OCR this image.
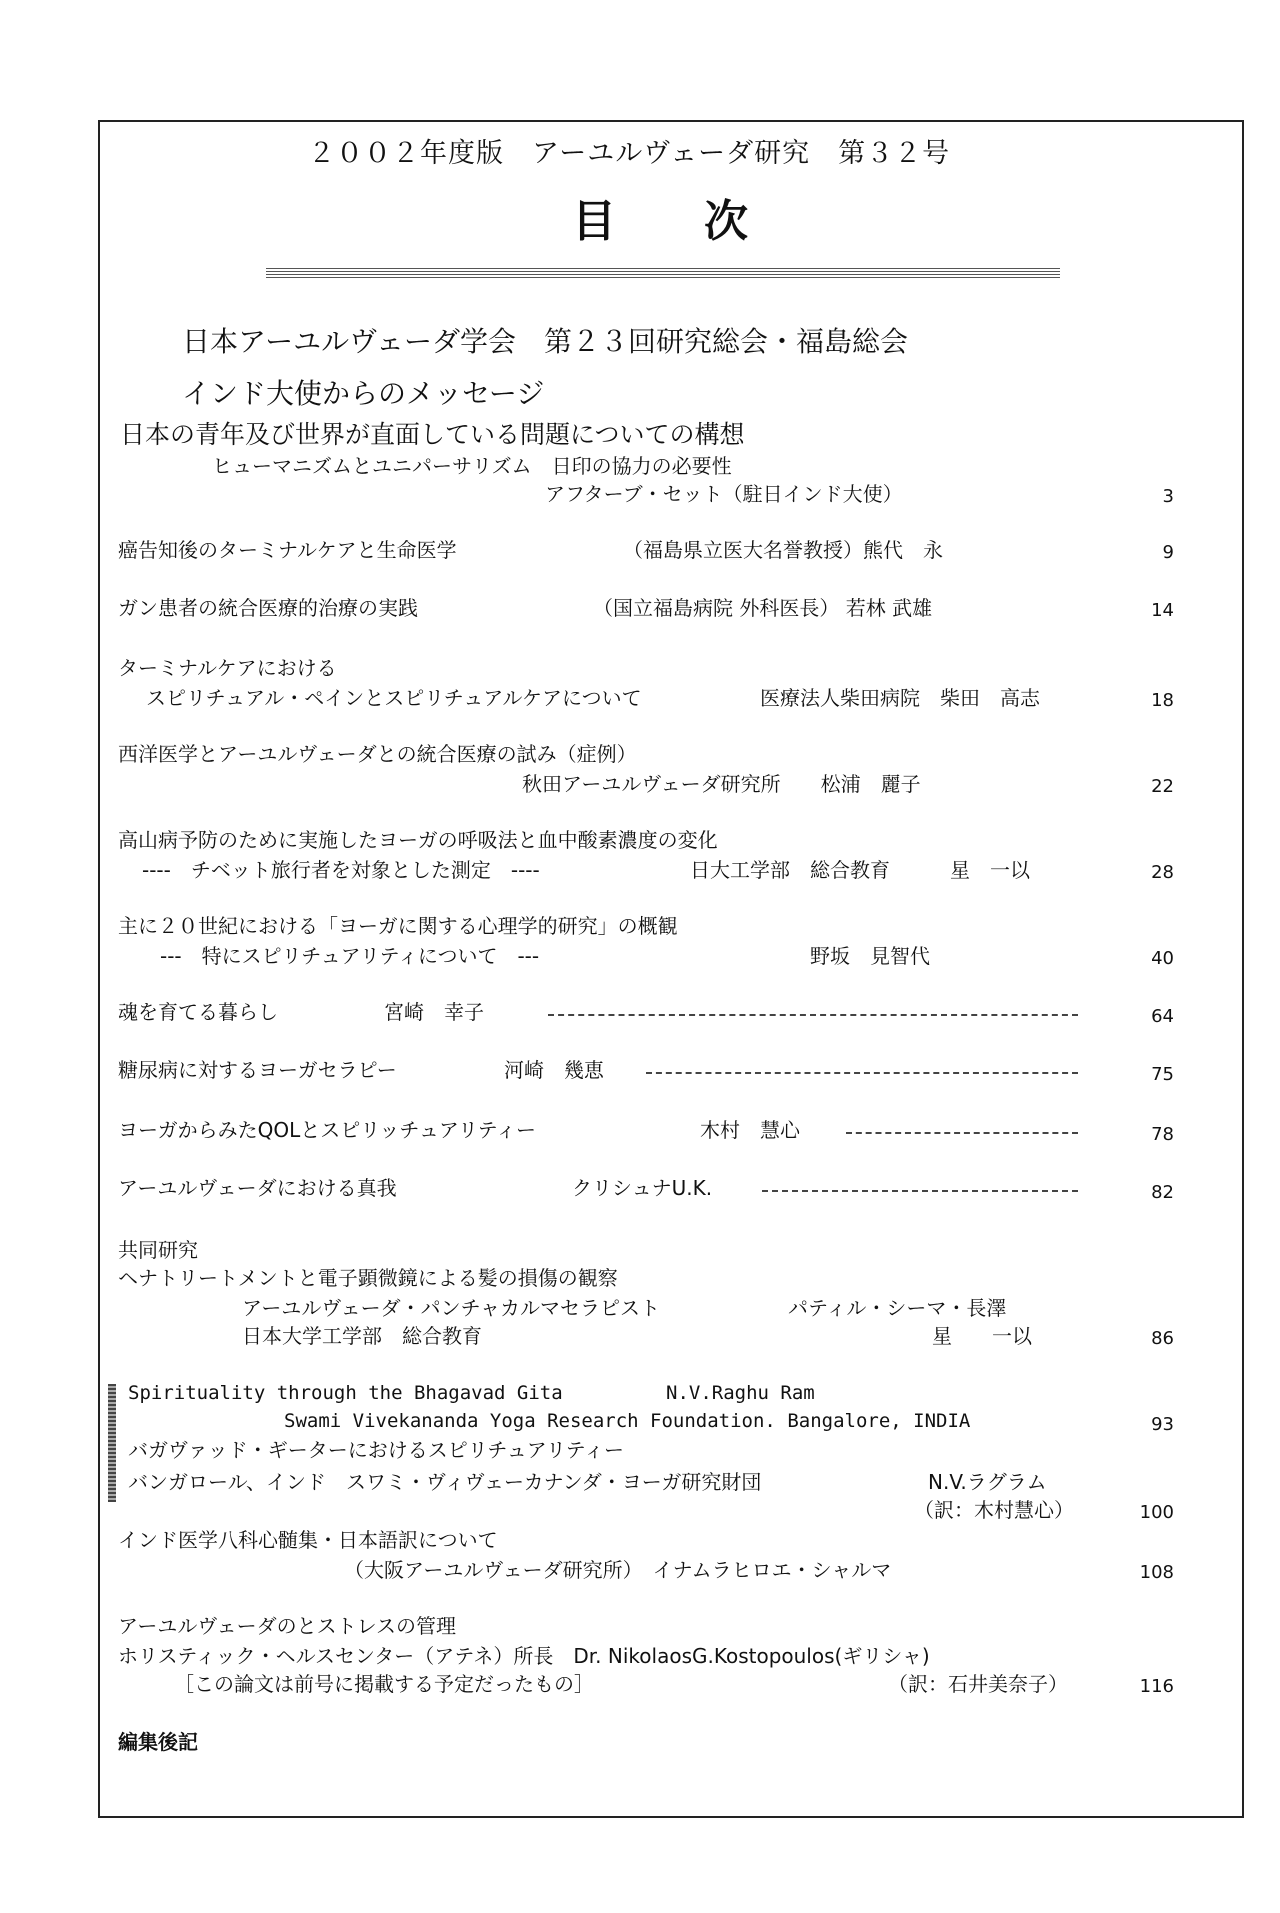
２００２年度版　アーユルヴェーダ研究　第３２号
目　　次
日本アーユルヴェーダ学会　第２３回研究総会・福島総会
インド大使からのメッセージ
日本の青年及び世界が直面している問題についての構想
ヒューマニズムとユニパーサリズム　日印の協力の必要性
アフターブ・セット（駐日インド大使）	3
癌告知後のターミナルケアと生命医学	（福島県立医大名誉教授）熊代　永	9
ガン患者の統合医療的治療の実践	（国立福島病院 外科医長） 若林 武雄	14
ターミナルケアにおける
スピリチュアル・ペインとスピリチュアルケアについて	医療法人柴田病院　柴田　高志	18
西洋医学とアーユルヴェーダとの統合医療の試み（症例）
秋田アーユルヴェーダ研究所　　松浦　麗子	22
高山病予防のために実施したヨーガの呼吸法と血中酸素濃度の変化
----　チベット旅行者を対象とした測定　----	日大工学部　総合教育　　　星　一以	28
主に２０世紀における「ヨーガに関する心理学的研究」の概観
---　特にスピリチュアリティについて　---	野坂　見智代	40
魂を育てる暮らし	宮崎　幸子	64
糖尿病に対するヨーガセラピー	河崎　幾恵	75
ヨーガからみたQOLとスピリッチュアリティー	木村　慧心	78
アーユルヴェーダにおける真我	クリシュナU.K.	82
共同研究
ヘナトリートメントと電子顕微鏡による髪の損傷の観察
アーユルヴェーダ・パンチャカルマセラピスト	パティル・シーマ・長澤
日本大学工学部　総合教育	星　　一以	86
Spirituality through the Bhagavad Gita	N.V.Raghu Ram
Swami Vivekananda Yoga Research Foundation. Bangalore, INDIA	93
バガヴァッド・ギーターにおけるスピリチュアリティー
バンガロール、インド　スワミ・ヴィヴェーカナンダ・ヨーガ研究財団	N.V.ラグラム
（訳：木村慧心）	100
インド医学八科心髄集・日本語訳について
（大阪アーユルヴェーダ研究所）　イナムラヒロエ・シャルマ	108
アーユルヴェーダのとストレスの管理
ホリスティック・ヘルスセンター（アテネ）所長　Dr. NikolaosG.Kostopoulos(ギリシャ)
［この論文は前号に掲載する予定だったもの］	（訳：石井美奈子）	116
編集後記
